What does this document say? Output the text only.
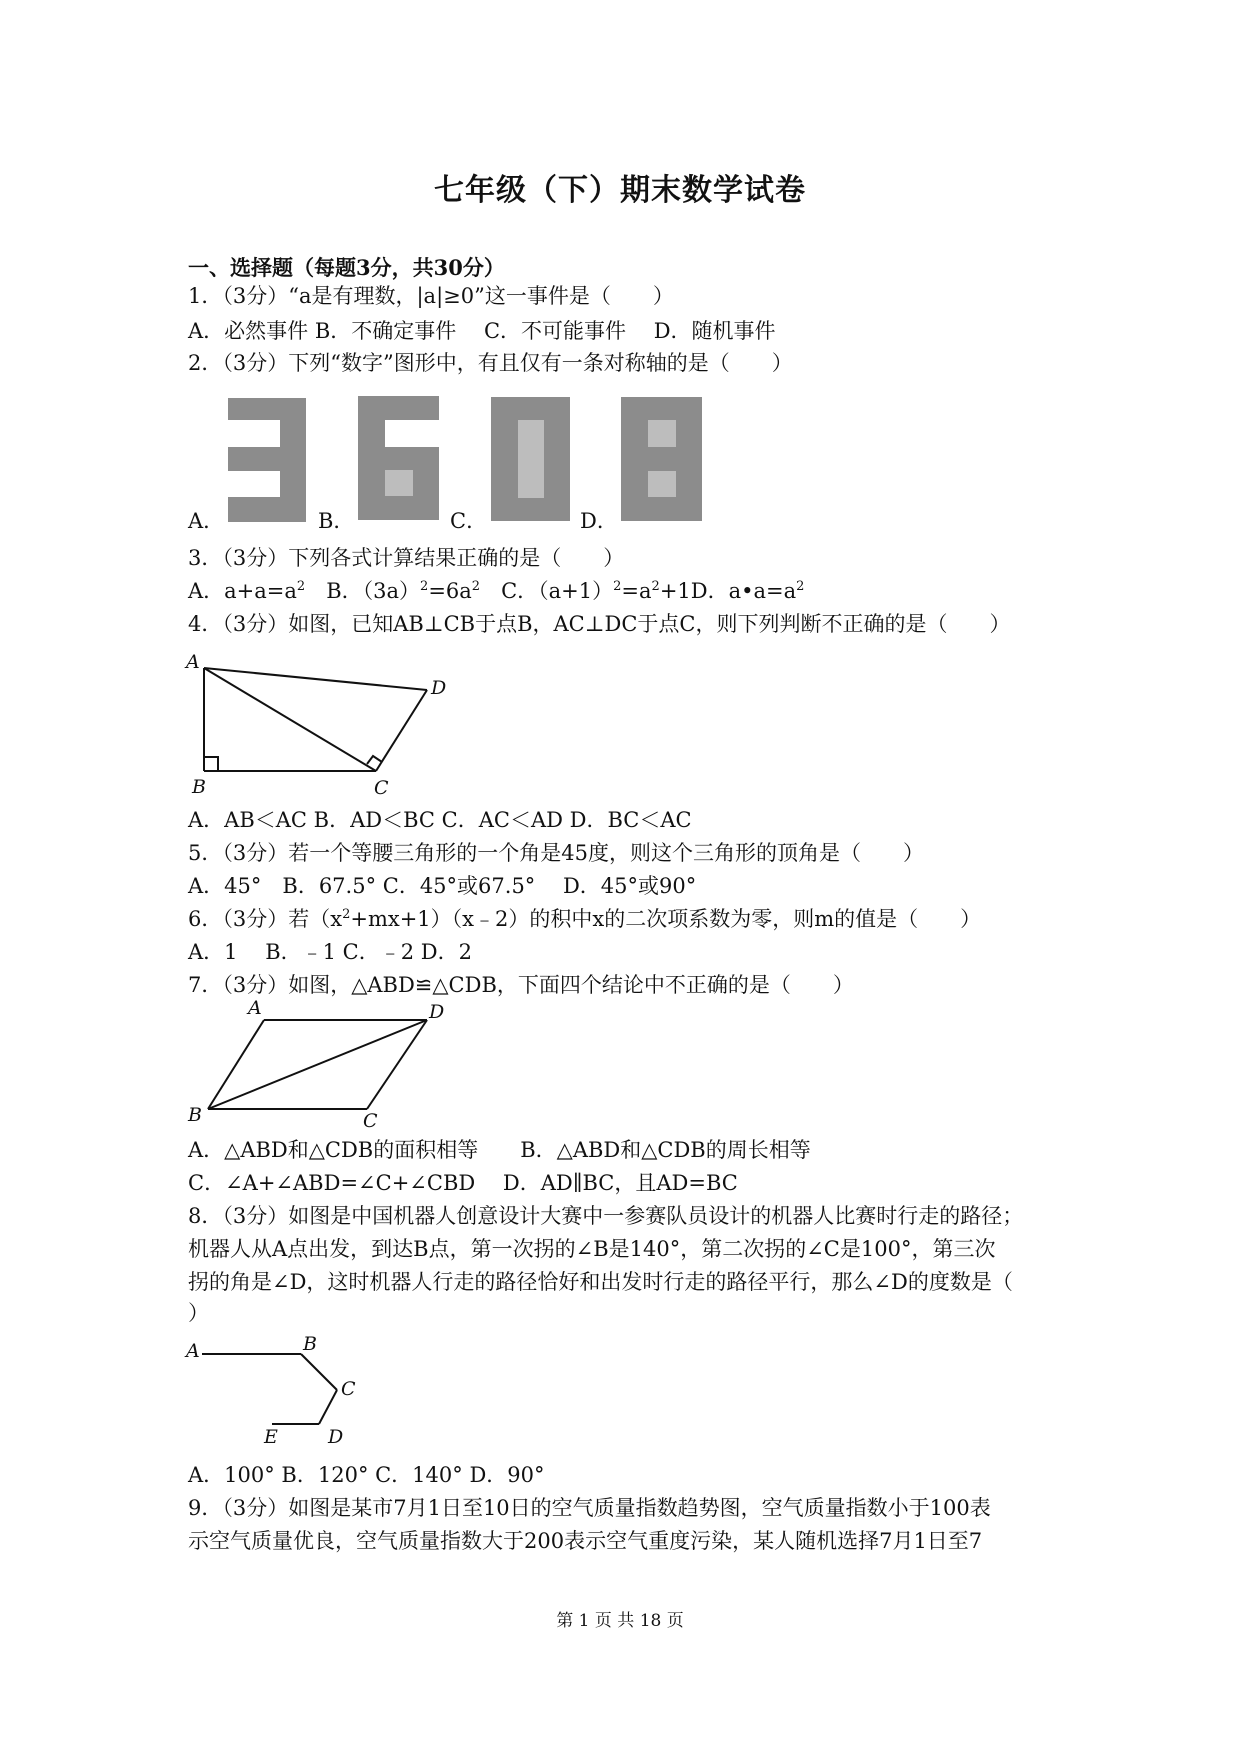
七年级（下）期末数学试卷
一、选择题（每题3分，共30分）
1．（3分）“a是有理数，|a|≥0”这一事件是（　　）
A．必然事件 B．不确定事件　 C．不可能事件　 D．随机事件
2．（3分）下列“数字”图形中，有且仅有一条对称轴的是（　　）
A．	B．	C．	D．
3．（3分）下列各式计算结果正确的是（　　）
A．$a+a=a^2$　B．$(3a)^2=6a^2$　C．$(a+1)^2=a^2+1D$．$a•a=a^2$
4．（3分）如图，已知AB⊥CB于点B，AC⊥DC于点C，则下列判断不正确的是（　　）
A
B	C
D
A．AB＜AC B．AD＜BC C．AC＜AD D．BC＜AC
5．（3分）若一个等腰三角形的一个角是45度，则这个三角形的顶角是（　　）
A．45°　B．67.5° C．45°或67.5°　 D．45°或90°
6．（3分）若$(x^2+mx+1)(x﹣2)$的积中x的二次项系数为零，则m的值是（　　）
A．1　 B．﹣1 C．﹣2 D．2
7．（3分）如图，△ABD≌△CDB，下面四个结论中不正确的是（　　）
A
B	C
D
A．△ABD和△CDB的面积相等　　B．△ABD和△CDB的周长相等
C．∠A+∠ABD=∠C+∠CBD　 D．AD∥BC，且AD=BC
8．（3分）如图是中国机器人创意设计大赛中一参赛队员设计的机器人比赛时行走的路径；
机器人从A点出发，到达B点，第一次拐的∠B是140°，第二次拐的∠C是100°，第三次
拐的角是∠D，这时机器人行走的路径恰好和出发时行走的路径平行，那么∠D的度数是（
）
A	B
C
D
E
A．100° B．120° C．140° D．90°
9．（3分）如图是某市7月1日至10日的空气质量指数趋势图，空气质量指数小于100表
示空气质量优良，空气质量指数大于200表示空气重度污染，某人随机选择7月1日至7
第 1 页 共 18 页
